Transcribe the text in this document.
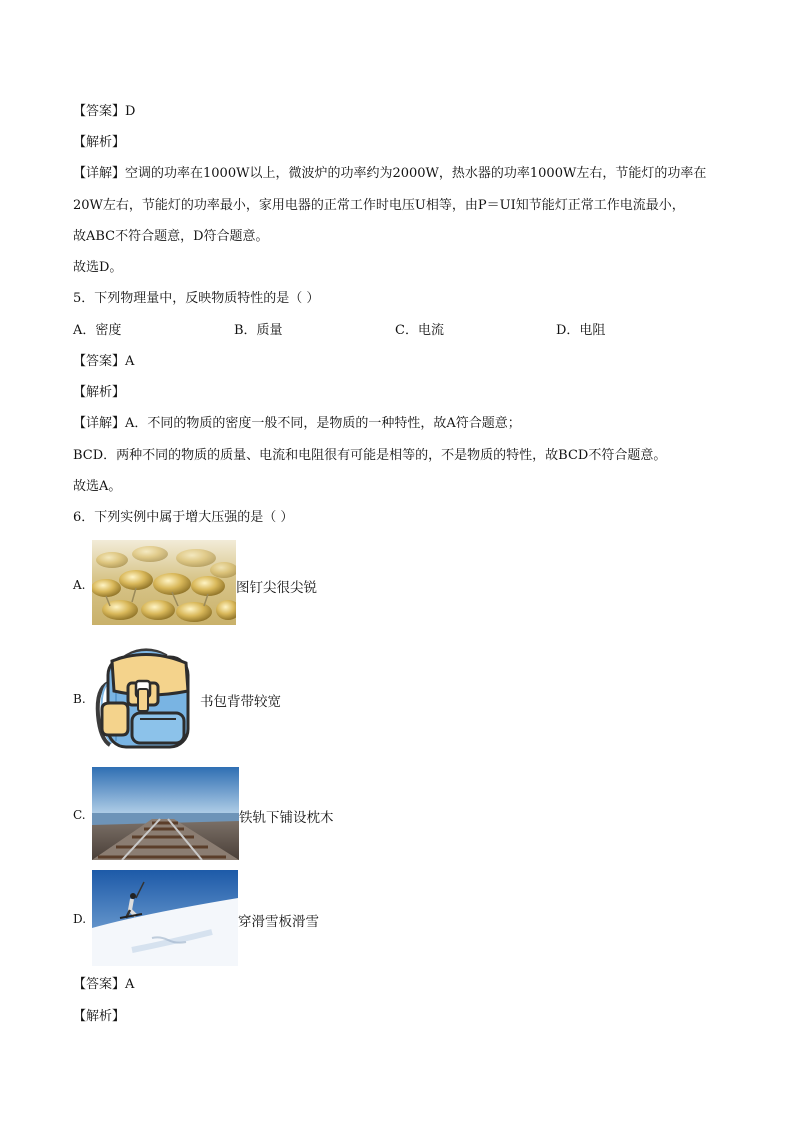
【答案】D
【解析】
【详解】空调的功率在1000W以上，微波炉的功率约为2000W，热水器的功率1000W左右，节能灯的功率在
20W左右，节能灯的功率最小，家用电器的正常工作时电压U相等，由P＝UI知节能灯正常工作电流最小，
故ABC不符合题意，D符合题意。
故选D。
5．下列物理量中，反映物质特性的是（ ）
A．密度	B．质量	C．电流	D．电阻
【答案】A
【解析】
【详解】A．不同的物质的密度一般不同，是物质的一种特性，故A符合题意；
BCD．两种不同的物质的质量、电流和电阻很有可能是相等的，不是物质的特性，故BCD不符合题意。
故选A。
6．下列实例中属于增大压强的是（ ）
A.	图钉尖很尖锐
B.	书包背带较宽
C.	铁轨下铺设枕木
D.	穿滑雪板滑雪
【答案】A
【解析】
